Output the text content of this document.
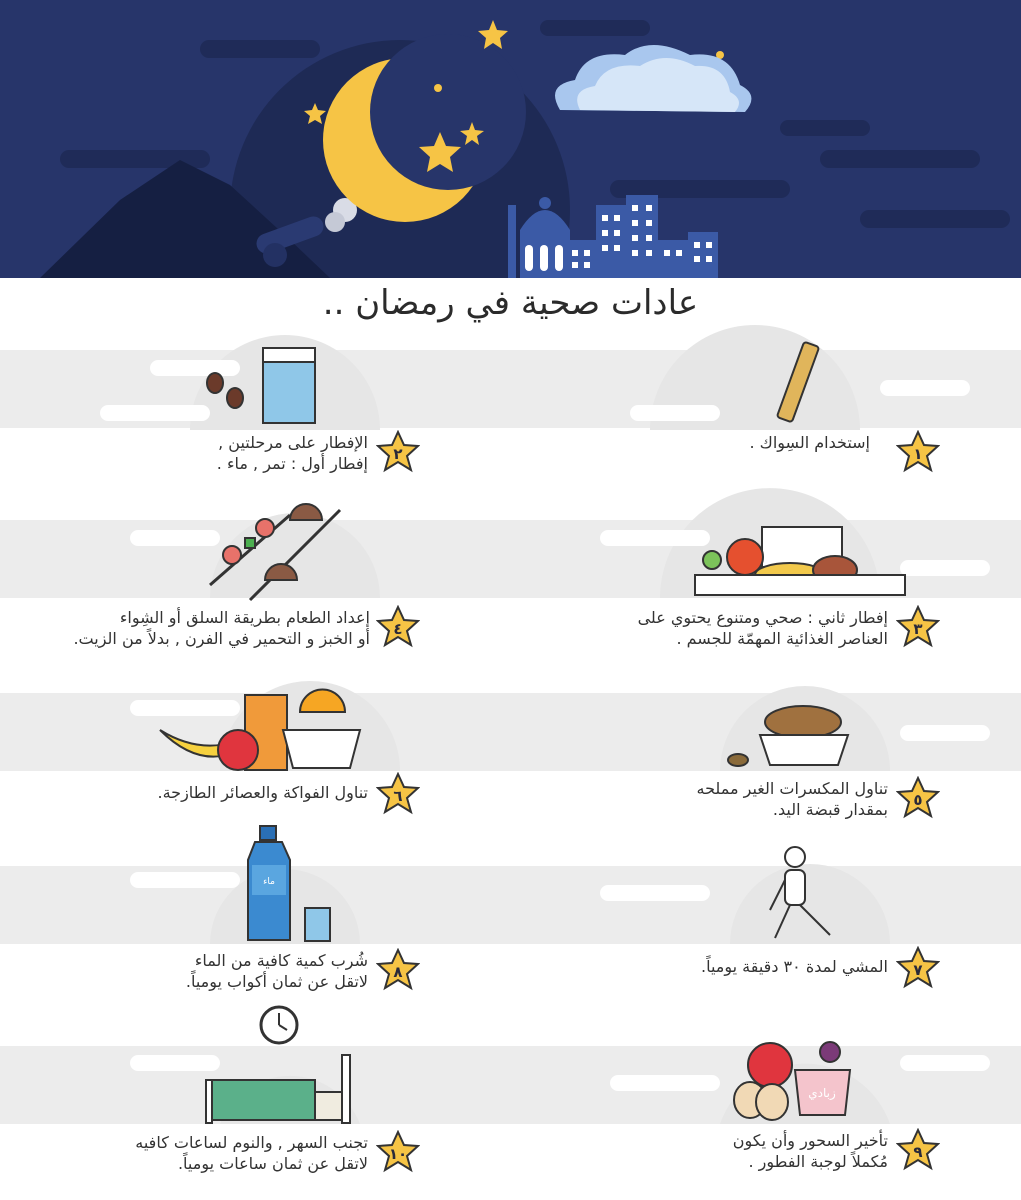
عادات صحية في رمضان ..
ماء
زبادي
١
إستخدام السِواك .
٢
الإفطار على مرحلتين ,
إفطار أول : تمر , ماء .
٣
إفطار ثاني : صحي ومتنوع يحتوي على
العناصر الغذائية المهمّة للجسم .
٤
إعداد الطعام بطريقة السلق أو الشِواء
أو الخبز و التحمير في الفرن , بدلاً من الزيت.
٥
تناول المكسرات الغير مملحه
بمقدار قبضة اليد.
٦
تناول الفواكة والعصائر الطازجة.
٧
المشي لمدة ٣٠ دقيقة يومياً.
٨
شُرب كمية كافية من الماء
لاتقل عن ثمان أكواب يومياً.
٩
تأخير السحور وأن يكون
مُكملاً لوجبة الفطور .
١٠
تجنب السهر , والنوم لساعات كافيه
لاتقل عن ثمان ساعات يومياً.
